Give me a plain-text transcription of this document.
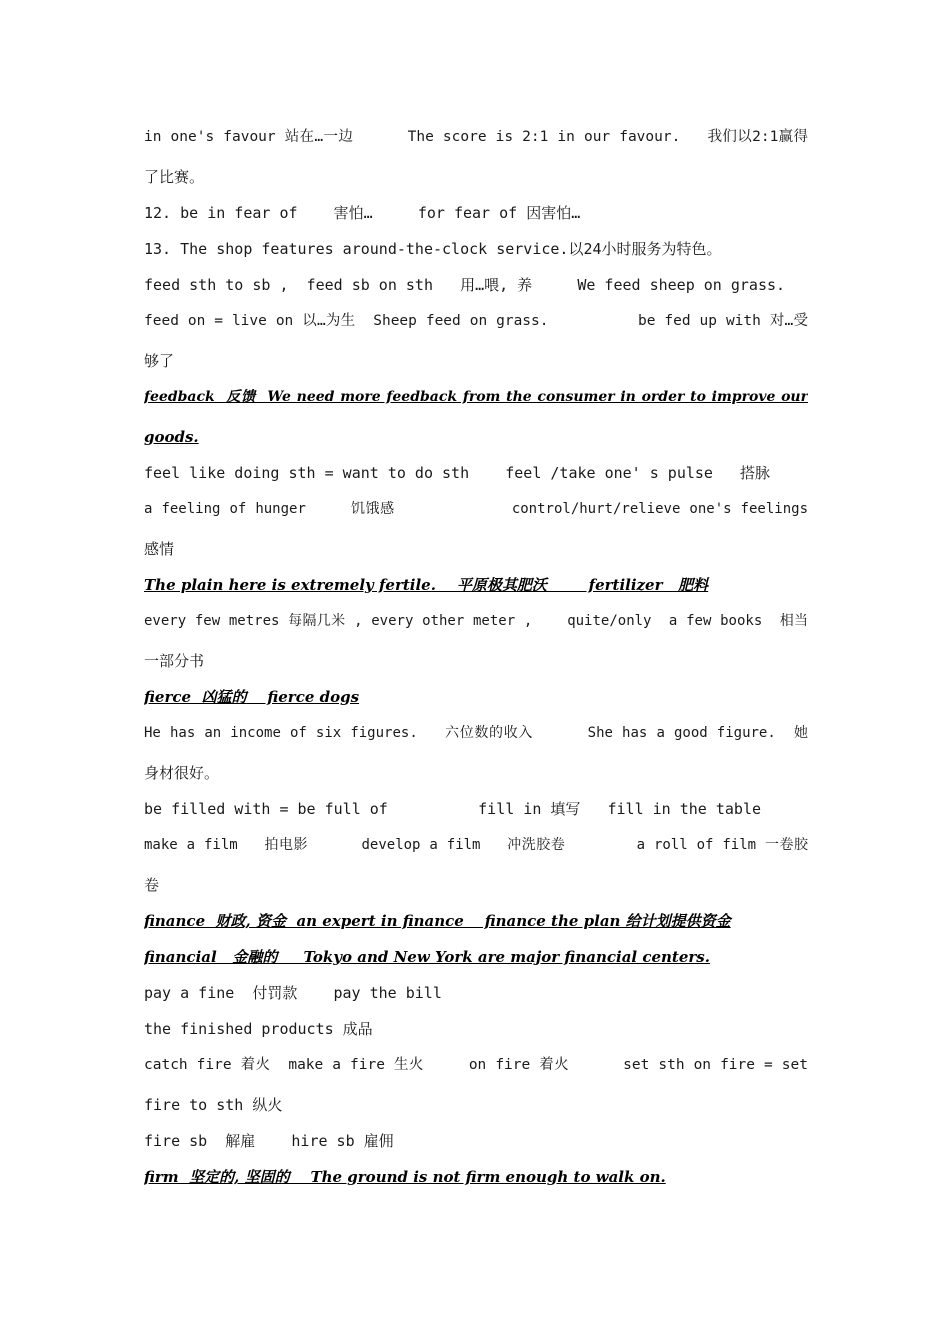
in one's favour 站在…一边      The score is 2:1 in our favour.   我们以2:1赢得
了比赛。
12. be in fear of    害怕…     for fear of 因害怕…
13. The shop features around-the-clock service.以24小时服务为特色。
feed sth to sb ,  feed sb on sth   用…喂, 养     We feed sheep on grass.
feed on = live on 以…为生  Sheep feed on grass.          be fed up with 对…受
够了
feedback  反馈  We need more feedback from the consumer in order to improve our
goods.
feel like doing sth = want to do sth    feel /take one' s pulse   搭脉
a feeling of hunger     饥饿感             control/hurt/relieve one's feelings
感情
The plain here is extremely fertile.    平原极其肥沃        fertilizer   肥料
every few metres 每隔几米 , every other meter ,    quite/only  a few books  相当
一部分书
fierce  凶猛的    fierce dogs
He has an income of six figures.   六位数的收入      She has a good figure.  她
身材很好。
be filled with = be full of          fill in 填写   fill in the table
make a film   拍电影      develop a film   冲洗胶卷        a roll of film 一卷胶
卷
finance  财政, 资金  an expert in finance    finance the plan 给计划提供资金
financial   金融的     Tokyo and New York are major financial centers.
pay a fine  付罚款    pay the bill
the finished products 成品
catch fire 着火  make a fire 生火     on fire 着火      set sth on fire = set
fire to sth 纵火
fire sb  解雇    hire sb 雇佣
firm  坚定的, 坚固的    The ground is not firm enough to walk on.
